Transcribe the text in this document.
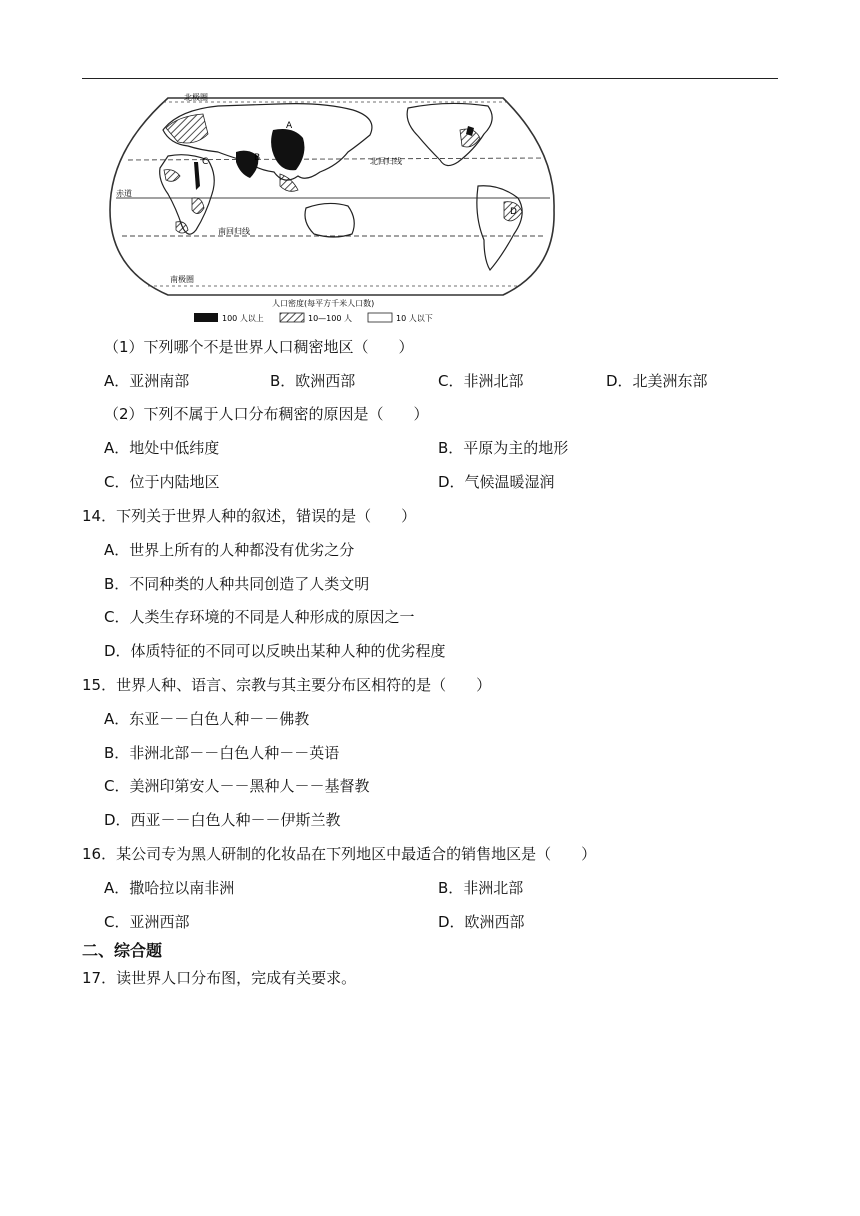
北极圈
北回归线
赤道
南回归线
南极圈
A
B
C
D
人口密度(每平方千米人口数)
100 人以上	10—100 人	10 人以下
（1）下列哪个不是世界人口稠密地区（　　）
A．亚洲南部	B．欧洲西部	C．非洲北部	D．北美洲东部
（2）下列不属于人口分布稠密的原因是（　　）
A．地处中低纬度	B．平原为主的地形
C．位于内陆地区	D．气候温暖湿润
14．下列关于世界人种的叙述，错误的是（　　）
A．世界上所有的人种都没有优劣之分
B．不同种类的人种共同创造了人类文明
C．人类生存环境的不同是人种形成的原因之一
D．体质特征的不同可以反映出某种人种的优劣程度
15．世界人种、语言、宗教与其主要分布区相符的是（　　）
A．东亚－－白色人种－－佛教
B．非洲北部－－白色人种－－英语
C．美洲印第安人－－黑种人－－基督教
D．西亚－－白色人种－－伊斯兰教
16．某公司专为黑人研制的化妆品在下列地区中最适合的销售地区是（　　）
A．撒哈拉以南非洲	B．非洲北部
C．亚洲西部	D．欧洲西部
二、综合题
17．读世界人口分布图，完成有关要求。
